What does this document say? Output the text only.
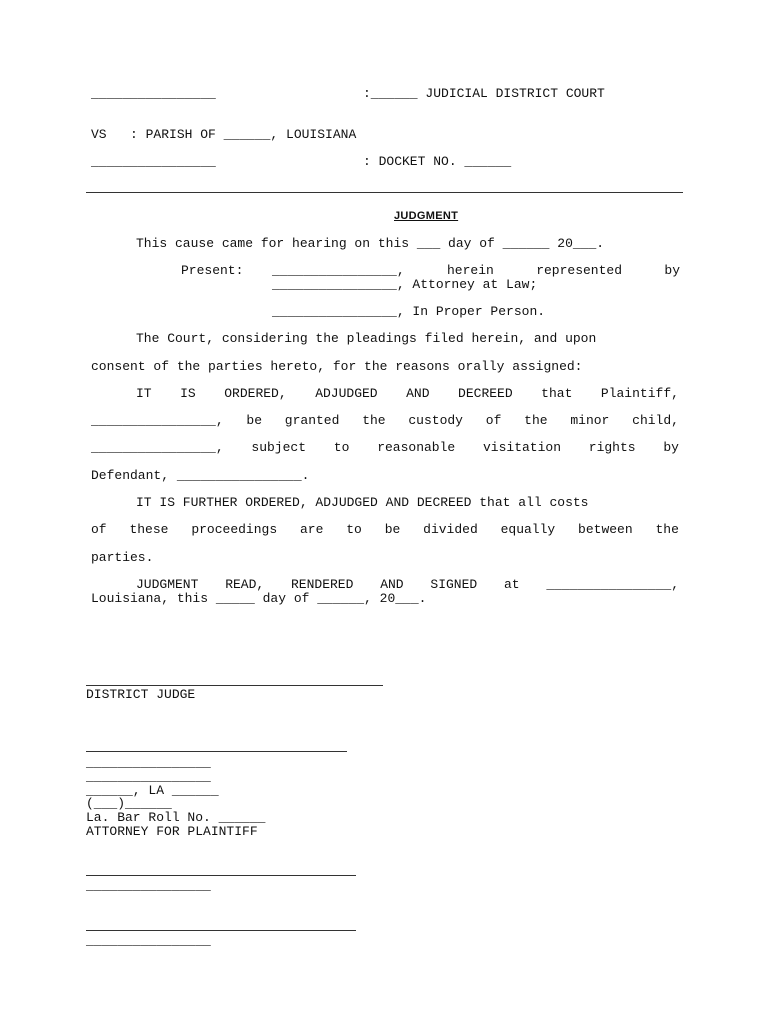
________________	:______ JUDICIAL DISTRICT COURT
VS   : PARISH OF ______, LOUISIANA
________________	: DOCKET NO. ______
JUDGMENT
This cause came for hearing on this ___ day of ______ 20___.
Present: ________________,	herein	represented	by
________________, Attorney at Law;
________________, In Proper Person.
The Court, considering the pleadings filed herein, and upon
consent of the parties hereto, for the reasons orally assigned:
IT IS ORDERED, ADJUDGED AND DECREED that Plaintiff,
________________, be granted the custody of the minor child,
________________, subject to reasonable visitation rights by
Defendant, ________________.
IT IS FURTHER ORDERED, ADJUDGED AND DECREED that all costs
of these proceedings are to be divided equally between the
parties.
JUDGMENT READ, RENDERED AND SIGNED at ________________,
Louisiana, this _____ day of ______, 20___.
DISTRICT JUDGE
________________
________________
______, LA ______
(___)______
La. Bar Roll No. ______
ATTORNEY FOR PLAINTIFF
________________
________________
